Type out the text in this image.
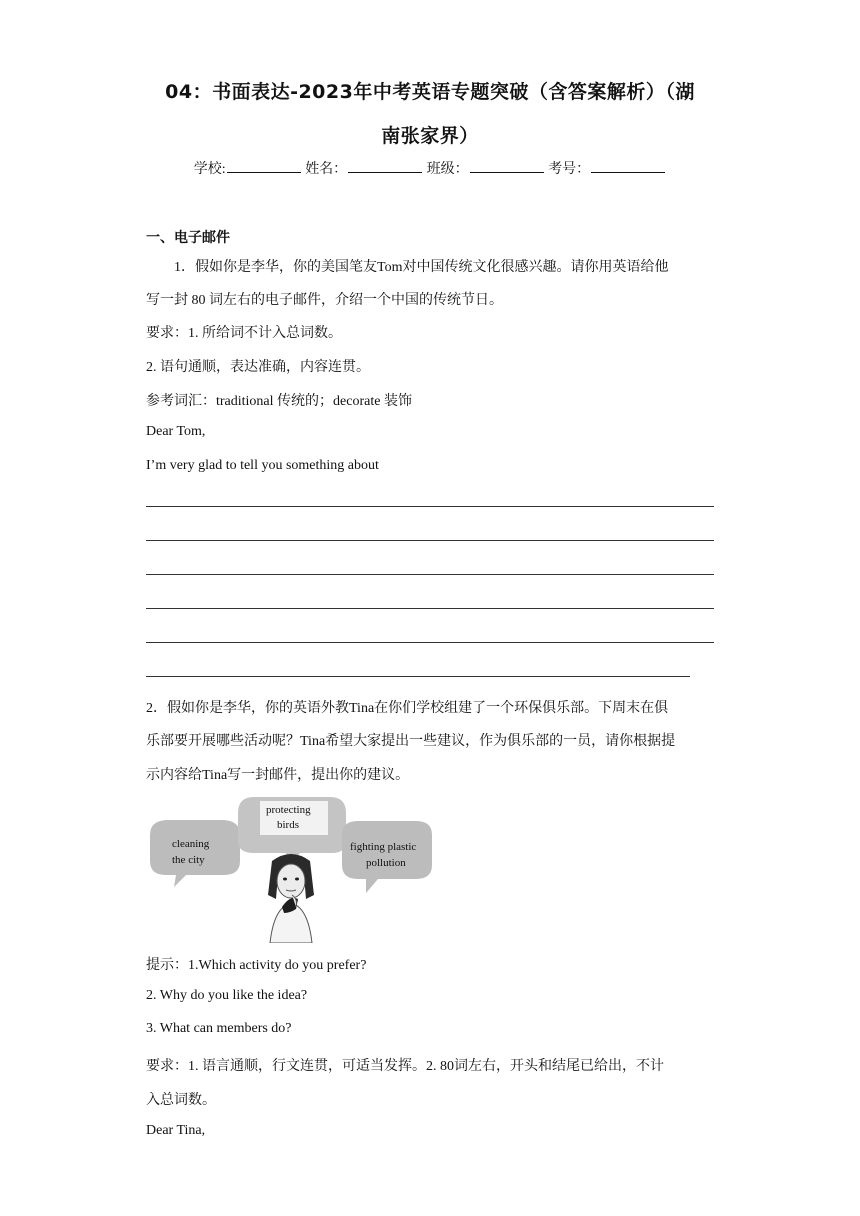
04：书面表达-2023年中考英语专题突破（含答案解析）（湖
南张家界）
学校:	姓名：	班级：	考号：
一、电子邮件
1．假如你是李华，你的美国笔友Tom对中国传统文化很感兴趣。请你用英语给他
写一封 80 词左右的电子邮件，介绍一个中国的传统节日。
要求：1. 所给词不计入总词数。
2. 语句通顺，表达准确，内容连贯。
参考词汇：traditional 传统的；decorate 装饰
Dear Tom,
I’m very glad to tell you something about
2．假如你是李华，你的英语外教Tina在你们学校组建了一个环保俱乐部。下周末在俱
乐部要开展哪些活动呢？Tina希望大家提出一些建议，作为俱乐部的一员，请你根据提
示内容给Tina写一封邮件，提出你的建议。
cleaning
the city
protecting
birds
fighting plastic
pollution
提示：1.Which activity do you prefer?
2. Why do you like the idea?
3. What can members do?
要求：1. 语言通顺，行文连贯，可适当发挥。2. 80词左右，开头和结尾已给出，不计
入总词数。
Dear Tina,
